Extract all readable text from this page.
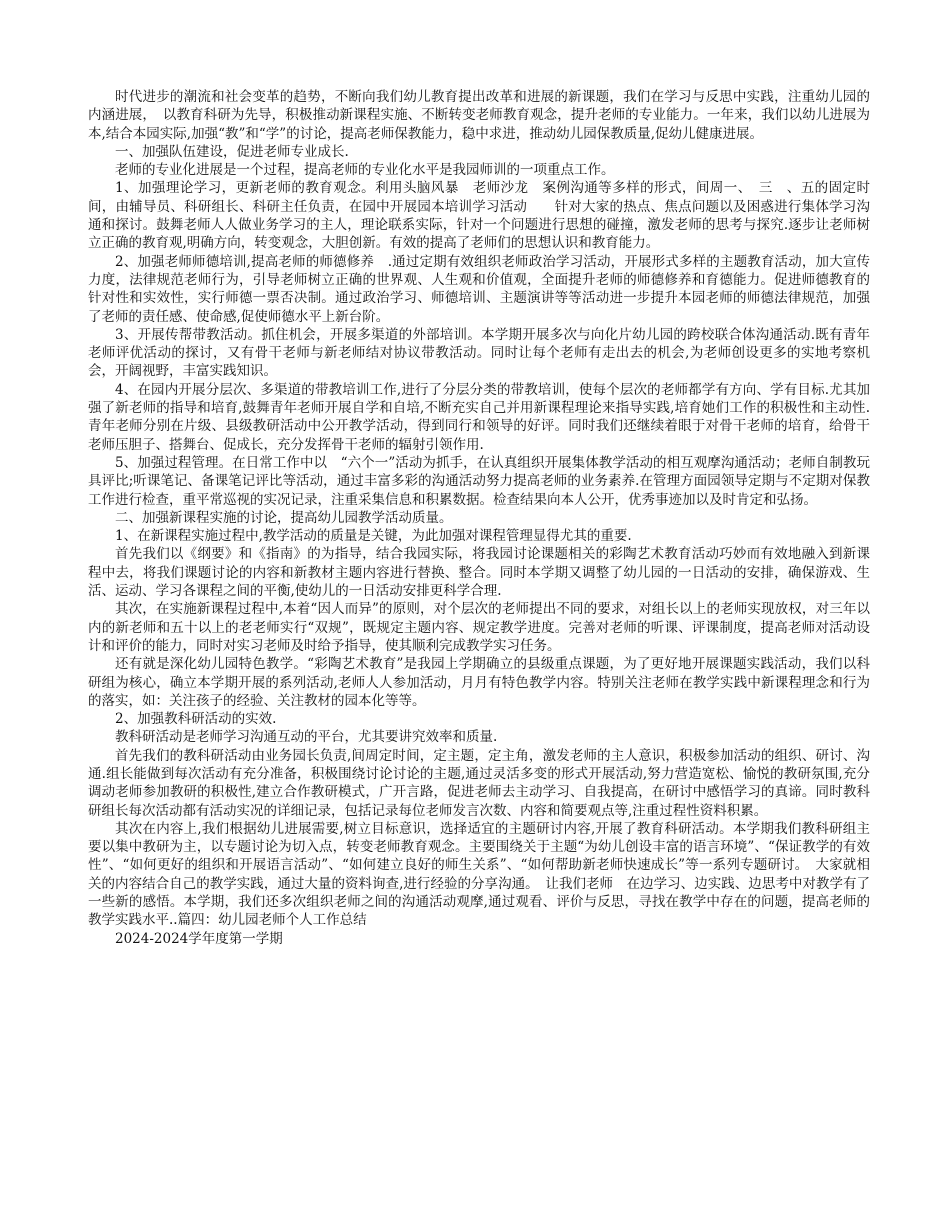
时代进步的潮流和社会变革的趋势，不断向我们幼儿教育提出改革和进展的新课题，我们在学习与反思中实践，注重幼儿园的内涵进展，　以教育科研为先导，积极推动新课程实施、不断转变老师教育观念，提升老师的专业能力。一年来，我们以幼儿进展为本,结合本园实际,加强“教”和“学”的讨论，提高老师保教能力，稳中求进，推动幼儿园保教质量,促幼儿健康进展。

一、加强队伍建设，促进老师专业成长.

老师的专业化进展是一个过程，提高老师的专业化水平是我园师训的一项重点工作。

1、加强理论学习，更新老师的教育观念。利用头脑风暴　老师沙龙　案例沟通等多样的形式，间周一、　三　、五的固定时间，由辅导员、科研组长、科研主任负责，在园中开展园本培训学习活动　　针对大家的热点、焦点问题以及困惑进行集体学习沟通和探讨。鼓舞老师人人做业务学习的主人，理论联系实际，针对一个问题进行思想的碰撞，激发老师的思考与探究.逐步让老师树立正确的教育观,明确方向，转变观念，大胆创新。有效的提高了老师们的思想认识和教育能力。

2、加强老师师德培训,提高老师的师德修养　.通过定期有效组织老师政治学习活动，开展形式多样的主题教育活动，加大宣传力度，法律规范老师行为，引导老师树立正确的世界观、人生观和价值观，全面提升老师的师德修养和育德能力。促进师德教育的针对性和实效性，实行师德一票否决制。通过政治学习、师德培训、主题演讲等等活动进一步提升本园老师的师德法律规范，加强了老师的责任感、使命感,促使师德水平上新台阶。

3、开展传帮带教活动。抓住机会，开展多渠道的外部培训。本学期开展多次与向化片幼儿园的跨校联合体沟通活动.既有青年老师评优活动的探讨，又有骨干老师与新老师结对协议带教活动。同时让每个老师有走出去的机会,为老师创设更多的实地考察机会，开阔视野，丰富实践知识。

4、在园内开展分层次、多渠道的带教培训工作,进行了分层分类的带教培训，使每个层次的老师都学有方向、学有目标.尤其加强了新老师的指导和培育,鼓舞青年老师开展自学和自培,不断充实自己并用新课程理论来指导实践,培育她们工作的积极性和主动性.青年老师分别在片级、县级教研活动中公开教学活动，得到同行和领导的好评。同时我们还继续着眼于对骨干老师的培育，给骨干老师压胆子、搭舞台、促成长，充分发挥骨干老师的辐射引领作用.

5、加强过程管理。在日常工作中以　“六个一”活动为抓手，在认真组织开展集体教学活动的相互观摩沟通活动；老师自制教玩具评比;听课笔记、备课笔记评比等活动，通过丰富多彩的沟通活动努力提高老师的业务素养.在管理方面园领导定期与不定期对保教工作进行检查，重平常巡视的实况记录，注重采集信息和积累数据。检查结果向本人公开，优秀事迹加以及时肯定和弘扬。

二、加强新课程实施的讨论，提高幼儿园教学活动质量。

1、在新课程实施过程中,教学活动的质量是关键，为此加强对课程管理显得尤其的重要.

首先我们以《纲要》和《指南》的为指导，结合我园实际，将我园讨论课题相关的彩陶艺术教育活动巧妙而有效地融入到新课程中去，将我们课题讨论的内容和新教材主题内容进行替换、整合。同时本学期又调整了幼儿园的一日活动的安排，确保游戏、生活、运动、学习各课程之间的平衡,使幼儿的一日活动安排更科学合理.

其次，在实施新课程过程中,本着“因人而异”的原则，对个层次的老师提出不同的要求，对组长以上的老师实现放权，对三年以内的新老师和五十以上的老老师实行“双规”，既规定主题内容、规定教学进度。完善对老师的听课、评课制度，提高老师对活动设计和评价的能力，同时对实习老师及时给予指导，使其顺利完成教学实习任务。

还有就是深化幼儿园特色教学。“彩陶艺术教育”是我园上学期确立的县级重点课题，为了更好地开展课题实践活动，我们以科研组为核心，确立本学期开展的系列活动,老师人人参加活动，月月有特色教学内容。特别关注老师在教学实践中新课程理念和行为的落实，如：关注孩子的经验、关注教材的园本化等等。

2、加强教科研活动的实效.

教科研活动是老师学习沟通互动的平台，尤其要讲究效率和质量.

首先我们的教科研活动由业务园长负责,间周定时间，定主题，定主角，激发老师的主人意识，积极参加活动的组织、研讨、沟通.组长能做到每次活动有充分准备，积极围绕讨论讨论的主题,通过灵活多变的形式开展活动,努力营造宽松、愉悦的教研氛围,充分调动老师参加教研的积极性,建立合作教研模式，广开言路，促进老师去主动学习、自我提高，在研讨中感悟学习的真谛。同时教科研组长每次活动都有活动实况的详细记录，包括记录每位老师发言次数、内容和简要观点等,注重过程性资料积累。

其次在内容上,我们根据幼儿进展需要,树立目标意识，选择适宜的主题研讨内容,开展了教育科研活动。本学期我们教科研组主要以集中教研为主，以专题讨论为切入点，转变老师教育观念。主要围绕关于主题“为幼儿创设丰富的语言环境”、“保证教学的有效性”、“如何更好的组织和开展语言活动”、“如何建立良好的师生关系”、“如何帮助新老师快速成长”等一系列专题研讨。　大家就相关的内容结合自己的教学实践，通过大量的资料询查,进行经验的分享沟通。　让我们老师　在边学习、边实践、边思考中对教学有了一些新的感悟。本学期，我们还多次组织老师之间的沟通活动观摩,通过观看、评价与反思，寻找在教学中存在的问题，提高老师的教学实践水平..篇四：幼儿园老师个人工作总结

2024-2024学年度第一学期
